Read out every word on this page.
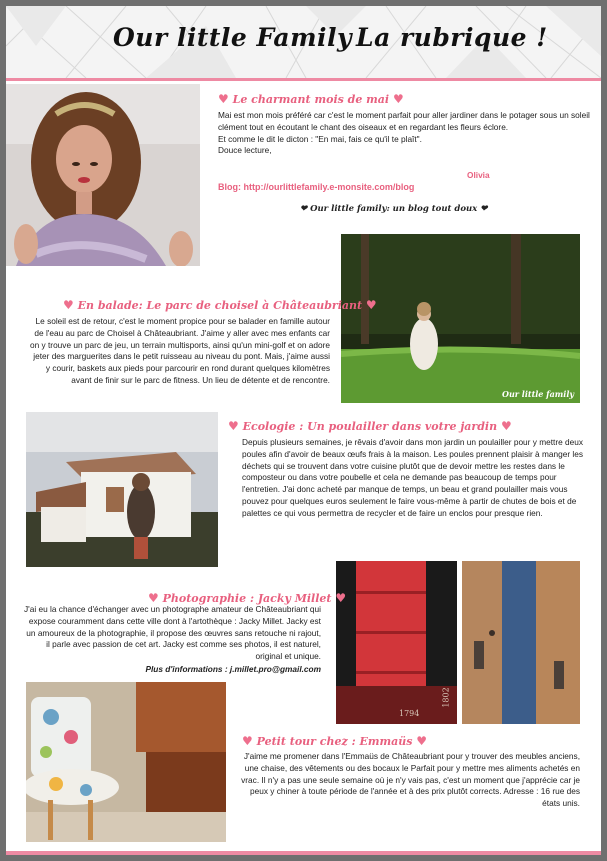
Our little Family La rubrique !
♥ Le charmant mois de mai ♥
Mai est mon mois préféré car c'est le moment parfait pour aller jardiner dans le potager sous un soleil clément tout en écoutant le chant des oiseaux et en regardant les fleurs éclore.
Et comme le dit le dicton : "En mai, fais ce qu'il te plaît".
Douce lecture,
Olivia
Blog: http://ourlittlefamily.e-monsite.com/blog
❤ Our little family: un blog tout doux ❤
Our little family
♥ En balade: Le parc de choisel à Châteaubriant ♥
Le soleil est de retour, c'est le moment propice pour se balader en famille autour de l'eau au parc de Choisel à Châteaubriant. J'aime y aller avec mes enfants car on y trouve un parc de jeu, un terrain multisports, ainsi qu'un mini-golf et on adore jeter des marguerites dans le petit ruisseau au niveau du pont. Mais, j'aime aussi y courir, baskets aux pieds pour parcourir en rond durant quelques kilomètres avant de finir sur le parc de fitness. Un lieu de détente et de rencontre.
♥ Ecologie : Un poulailler dans votre jardin ♥
Depuis plusieurs semaines, je rêvais d'avoir dans mon jardin un poulailler pour y mettre deux poules afin d'avoir de beaux œufs frais à la maison. Les poules prennent plaisir à manger les déchets qui se trouvent dans votre cuisine plutôt que de devoir mettre les restes dans le composteur ou dans votre poubelle et cela ne demande pas beaucoup de temps pour l'entretien. J'ai donc acheté par manque de temps, un beau et grand poulailler mais vous pouvez pour quelques euros seulement le faire vous-même à partir de chutes de bois et de palettes ce qui vous permettra de recycler et de faire un enclos pour presque rien.
1794
1802
♥ Photographie : Jacky Millet ♥
J'ai eu la chance d'échanger avec un photographe amateur de Châteaubriant qui expose couramment dans cette ville dont à l'artothèque : Jacky Millet. Jacky est un amoureux de la photographie, il propose des œuvres sans retouche ni rajout, il parle avec passion de cet art. Jacky est comme ses photos, il est naturel, original et unique.
Plus d'informations : j.millet.pro@gmail.com
♥ Petit tour chez : Emmaüs ♥
J'aime me promener dans l'Emmaüs de Châteaubriant pour y trouver des meubles anciens, une chaise, des vêtements ou des bocaux le Parfait pour y mettre mes aliments achetés en vrac. Il n'y a pas une seule semaine où je n'y vais pas, c'est un moment que j'apprécie car je peux y chiner à toute période de l'année et à des prix plutôt corrects. Adresse : 16 rue des états unis.
